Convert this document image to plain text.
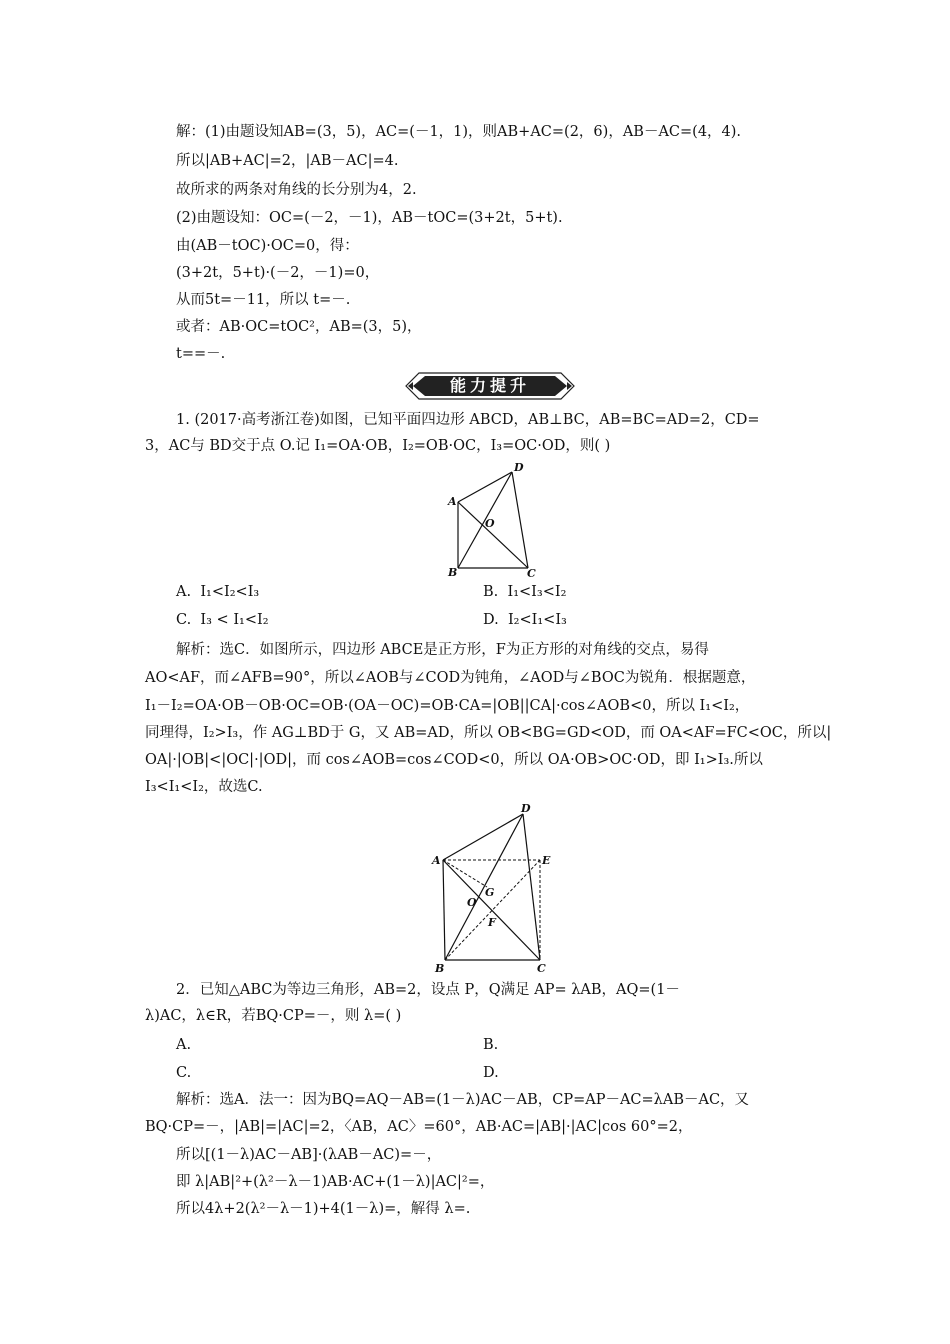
解：(1)由题设知AB=(3，5)，AC=(－1，1)，则AB+AC=(2，6)，AB－AC=(4，4).
所以|AB+AC|=2，|AB－AC|=4.
故所求的两条对角线的长分别为4，2.
(2)由题设知：OC=(－2，－1)，AB－tOC=(3+2t，5+t).
由(AB－tOC)·OC=0，得：
(3+2t，5+t)·(－2，－1)=0，
从而5t=－11，所以 t=－.
或者：AB·OC=tOC²，AB=(3，5)，
t==－.
能力提升
1. (2017·高考浙江卷)如图，已知平面四边形 ABCD，AB⊥BC，AB=BC=AD=2，CD=
3，AC与 BD交于点 O.记 I₁=OA·OB，I₂=OB·OC，I₃=OC·OD，则( )
A
B	C
D
O
A. I₁<I₂<I₃	B. I₁<I₃<I₂
C. I₃ < I₁<I₂	D. I₂<I₁<I₃
解析：选C．如图所示，四边形 ABCE是正方形，F为正方形的对角线的交点，易得
AO<AF，而∠AFB=90°，所以∠AOB与∠COD为钝角，∠AOD与∠BOC为锐角．根据题意，
I₁－I₂=OA·OB－OB·OC=OB·(OA－OC)=OB·CA=|OB||CA|·cos∠AOB<0，所以 I₁<I₂，
同理得，I₂>I₃，作 AG⊥BD于 G，又 AB=AD，所以 OB<BG=GD<OD，而 OA<AF=FC<OC，所以|
OA|·|OB|<|OC|·|OD|，而 cos∠AOB=cos∠COD<0，所以 OA·OB>OC·OD，即 I₁>I₃.所以
I₃<I₁<I₂，故选C.
A
B	C
D
E
F
G
O
2．已知△ABC为等边三角形，AB=2，设点 P，Q满足 AP= λAB，AQ=(1－
λ)AC，λ∈R，若BQ·CP=－，则 λ=( )
A.	B.
C.	D.
解析：选A．法一：因为BQ=AQ－AB=(1－λ)AC－AB，CP=AP－AC=λAB－AC，又
BQ·CP=－，|AB|=|AC|=2，〈AB，AC〉=60°，AB·AC=|AB|·|AC|cos 60°=2，
所以[(1－λ)AC－AB]·(λAB－AC)=－，
即 λ|AB|²+(λ²－λ－1)AB·AC+(1－λ)|AC|²=，
所以4λ+2(λ²－λ－1)+4(1－λ)=，解得 λ=.
